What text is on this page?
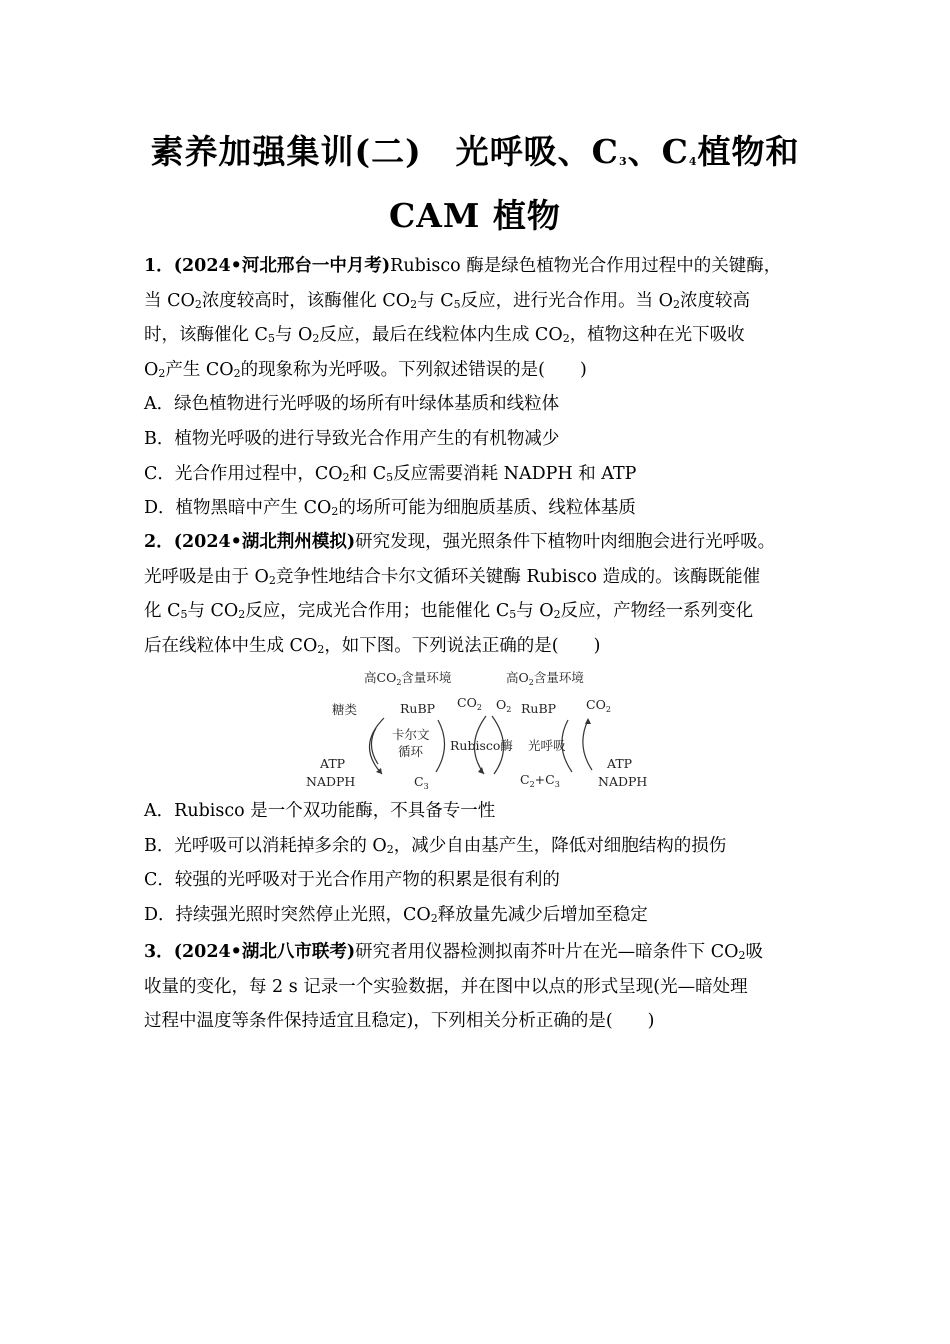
素养加强集训(二)　光呼吸、$C_3$、$C_4$植物和
CAM 植物
1．(2024•河北邢台一中月考)Rubisco 酶是绿色植物光合作用过程中的关键酶，
当 $CO_2$浓度较高时，该酶催化 $CO_2$与 $C_5$反应，进行光合作用。当 $O_2$浓度较高
时，该酶催化 $C_5$与 $O_2$反应，最后在线粒体内生成 $CO_2$，植物这种在光下吸收
$O_2$产生 $CO_2$的现象称为光呼吸。下列叙述错误的是(　　)
A．绿色植物进行光呼吸的场所有叶绿体基质和线粒体
B．植物光呼吸的进行导致光合作用产生的有机物减少
C．光合作用过程中，$CO_2$和 $C_5$反应需要消耗 NADPH 和 ATP
D．植物黑暗中产生 $CO_2$的场所可能为细胞质基质、线粒体基质
2．(2024•湖北荆州模拟)研究发现，强光照条件下植物叶肉细胞会进行光呼吸。
光呼吸是由于 $O_2$竞争性地结合卡尔文循环关键酶 Rubisco 造成的。该酶既能催
化 $C_5$与 $CO_2$反应，完成光合作用；也能催化 $C_5$与 $O_2$反应，产物经一系列变化
后在线粒体中生成 $CO_2$，如下图。下列说法正确的是(　　)
高$CO_2$含量环境	高$O_2$含量环境
糖类	RuBP $CO_2$ $O_2$ RuBP $CO_2$
卡尔文
循环 Rubisco酶 光呼吸
ATP
NADPH	$C_3$	$C_2+C_3$
ATP
NADPH
A．Rubisco 是一个双功能酶，不具备专一性
B．光呼吸可以消耗掉多余的 $O_2$，减少自由基产生，降低对细胞结构的损伤
C．较强的光呼吸对于光合作用产物的积累是很有利的
D．持续强光照时突然停止光照，$CO_2$释放量先减少后增加至稳定
3．(2024•湖北八市联考)研究者用仪器检测拟南芥叶片在光—暗条件下 $CO_2$吸
收量的变化，每 2 s 记录一个实验数据，并在图中以点的形式呈现(光—暗处理
过程中温度等条件保持适宜且稳定)，下列相关分析正确的是(　　)
